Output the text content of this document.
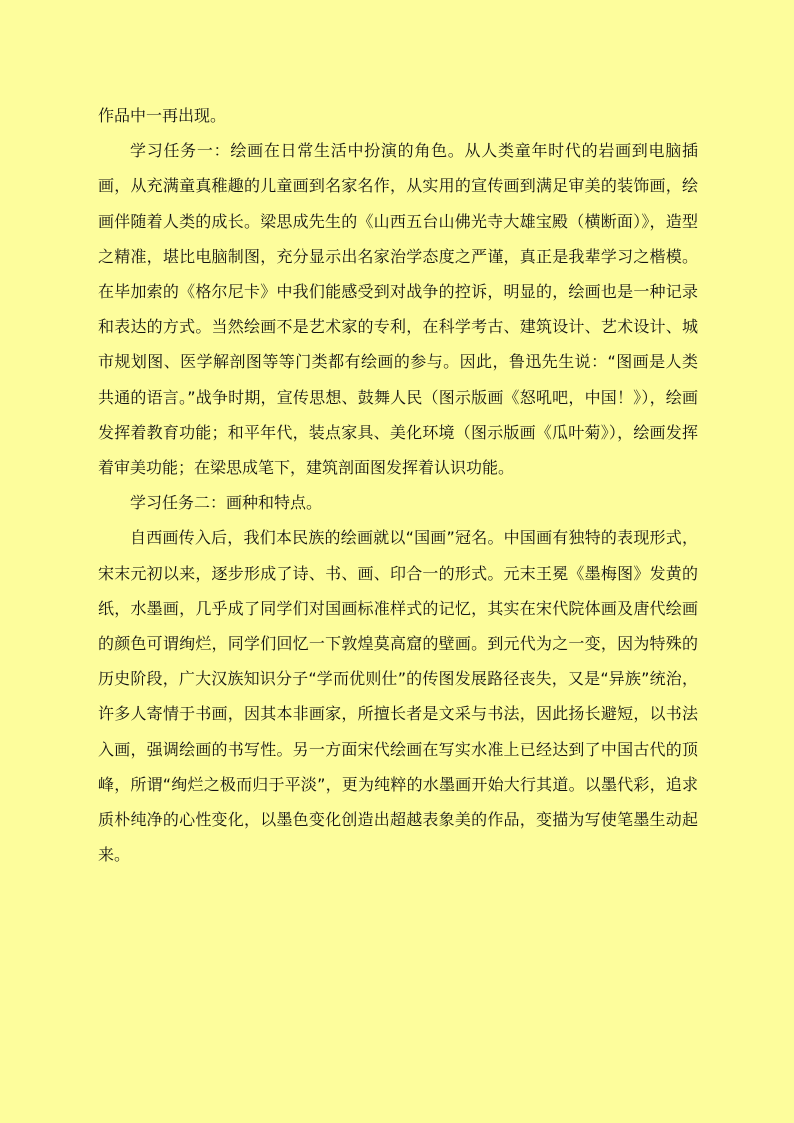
作品中一再出现。

学习任务一：绘画在日常生活中扮演的角色。从人类童年时代的岩画到电脑插画，从充满童真稚趣的儿童画到名家名作，从实用的宣传画到满足审美的装饰画，绘画伴随着人类的成长。梁思成先生的《山西五台山佛光寺大雄宝殿（横断面）》，造型之精准，堪比电脑制图，充分显示出名家治学态度之严谨，真正是我辈学习之楷模。在毕加索的《格尔尼卡》中我们能感受到对战争的控诉，明显的，绘画也是一种记录和表达的方式。当然绘画不是艺术家的专利，在科学考古、建筑设计、艺术设计、城市规划图、医学解剖图等等门类都有绘画的参与。因此，鲁迅先生说：“图画是人类共通的语言。”战争时期，宣传思想、鼓舞人民（图示版画《怒吼吧，中国！》），绘画发挥着教育功能；和平年代，装点家具、美化环境（图示版画《瓜叶菊》），绘画发挥着审美功能；在梁思成笔下，建筑剖面图发挥着认识功能。

学习任务二：画种和特点。

自西画传入后，我们本民族的绘画就以“国画”冠名。中国画有独特的表现形式，宋末元初以来，逐步形成了诗、书、画、印合一的形式。元末王冕《墨梅图》发黄的纸，水墨画，几乎成了同学们对国画标准样式的记忆，其实在宋代院体画及唐代绘画的颜色可谓绚烂，同学们回忆一下敦煌莫高窟的壁画。到元代为之一变，因为特殊的历史阶段，广大汉族知识分子“学而优则仕”的传图发展路径丧失，又是“异族”统治，许多人寄情于书画，因其本非画家，所擅长者是文采与书法，因此扬长避短，以书法入画，强调绘画的书写性。另一方面宋代绘画在写实水准上已经达到了中国古代的顶峰，所谓“绚烂之极而归于平淡”，更为纯粹的水墨画开始大行其道。以墨代彩，追求质朴纯净的心性变化，以墨色变化创造出超越表象美的作品，变描为写使笔墨生动起来。
